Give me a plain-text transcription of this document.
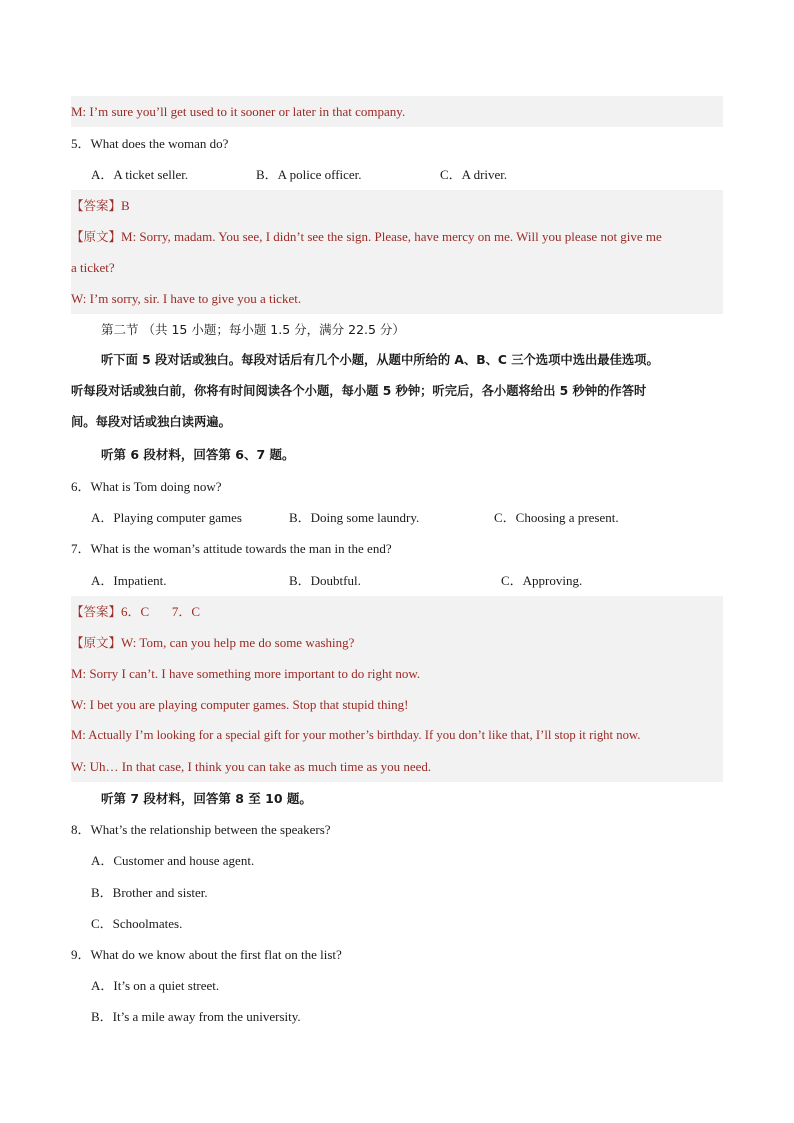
M: I’m sure you’ll get used to it sooner or later in that company.
5．What does the woman do?
A．A ticket seller.	B．A police officer.	C．A driver.
【答案】B
【原文】M: Sorry, madam. You see, I didn’t see the sign. Please, have mercy on me. Will you please not give me
a ticket?
W: I’m sorry, sir. I have to give you a ticket.
第二节 （共 15 小题；每小题 1.5 分，满分 22.5 分）
听下面 5 段对话或独白。每段对话后有几个小题，从题中所给的 A、B、C 三个选项中选出最佳选项。
听每段对话或独白前，你将有时间阅读各个小题，每小题 5 秒钟；听完后，各小题将给出 5 秒钟的作答时
间。每段对话或独白读两遍。
听第 6 段材料，回答第 6、7 题。
6．What is Tom doing now?
A．Playing computer games	B．Doing some laundry.	C．Choosing a present.
7．What is the woman’s attitude towards the man in the end?
A．Impatient.	B．Doubtful.	C．Approving.
【答案】6．C       7．C
【原文】W: Tom, can you help me do some washing?
M: Sorry I can’t. I have something more important to do right now.
W: I bet you are playing computer games. Stop that stupid thing!
M: Actually I’m looking for a special gift for your mother’s birthday. If you don’t like that, I’ll stop it right now.
W: Uh… In that case, I think you can take as much time as you need.
听第 7 段材料，回答第 8 至 10 题。
8．What’s the relationship between the speakers?
A．Customer and house agent.
B．Brother and sister.
C．Schoolmates.
9．What do we know about the first flat on the list?
A．It’s on a quiet street.
B．It’s a mile away from the university.
